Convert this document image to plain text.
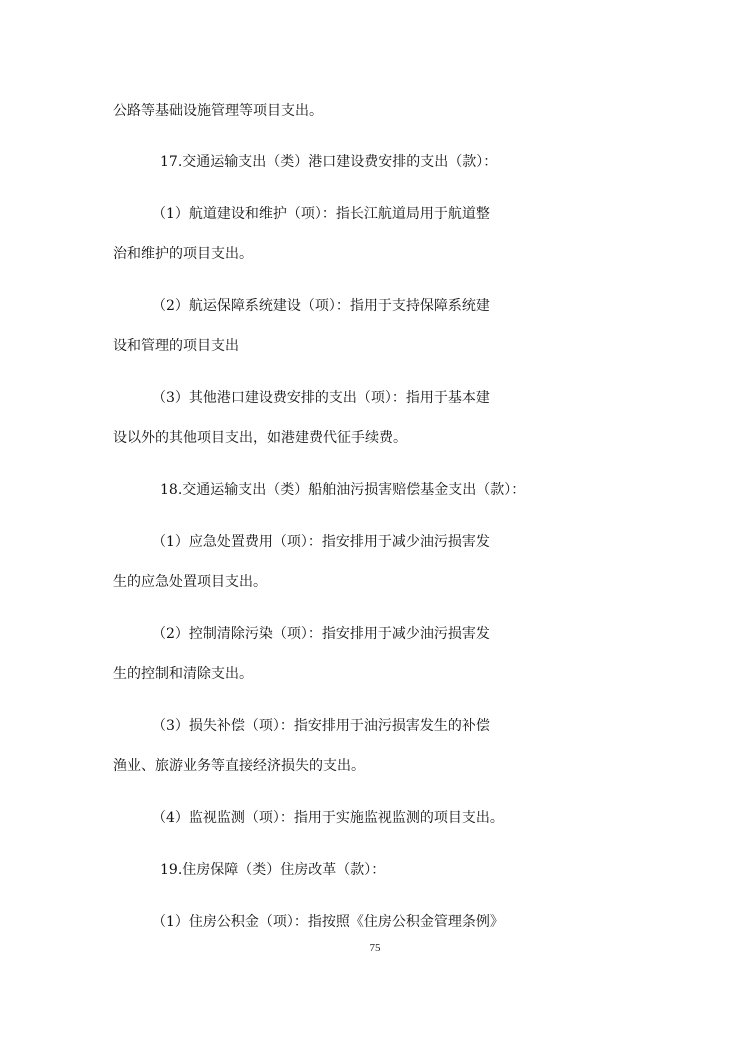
公路等基础设施管理等项目支出。
17.交通运输支出（类）港口建设费安排的支出（款）：
（1）航道建设和维护（项）：指长江航道局用于航道整
治和维护的项目支出。
（2）航运保障系统建设（项）：指用于支持保障系统建
设和管理的项目支出
（3）其他港口建设费安排的支出（项）：指用于基本建
设以外的其他项目支出，如港建费代征手续费。
18.交通运输支出（类）船舶油污损害赔偿基金支出（款）：
（1）应急处置费用（项）：指安排用于减少油污损害发
生的应急处置项目支出。
（2）控制清除污染（项）：指安排用于减少油污损害发
生的控制和清除支出。
（3）损失补偿（项）：指安排用于油污损害发生的补偿
渔业、旅游业务等直接经济损失的支出。
（4）监视监测（项）：指用于实施监视监测的项目支出。
19.住房保障（类）住房改革（款）：
（1）住房公积金（项）：指按照《住房公积金管理条例》
75
